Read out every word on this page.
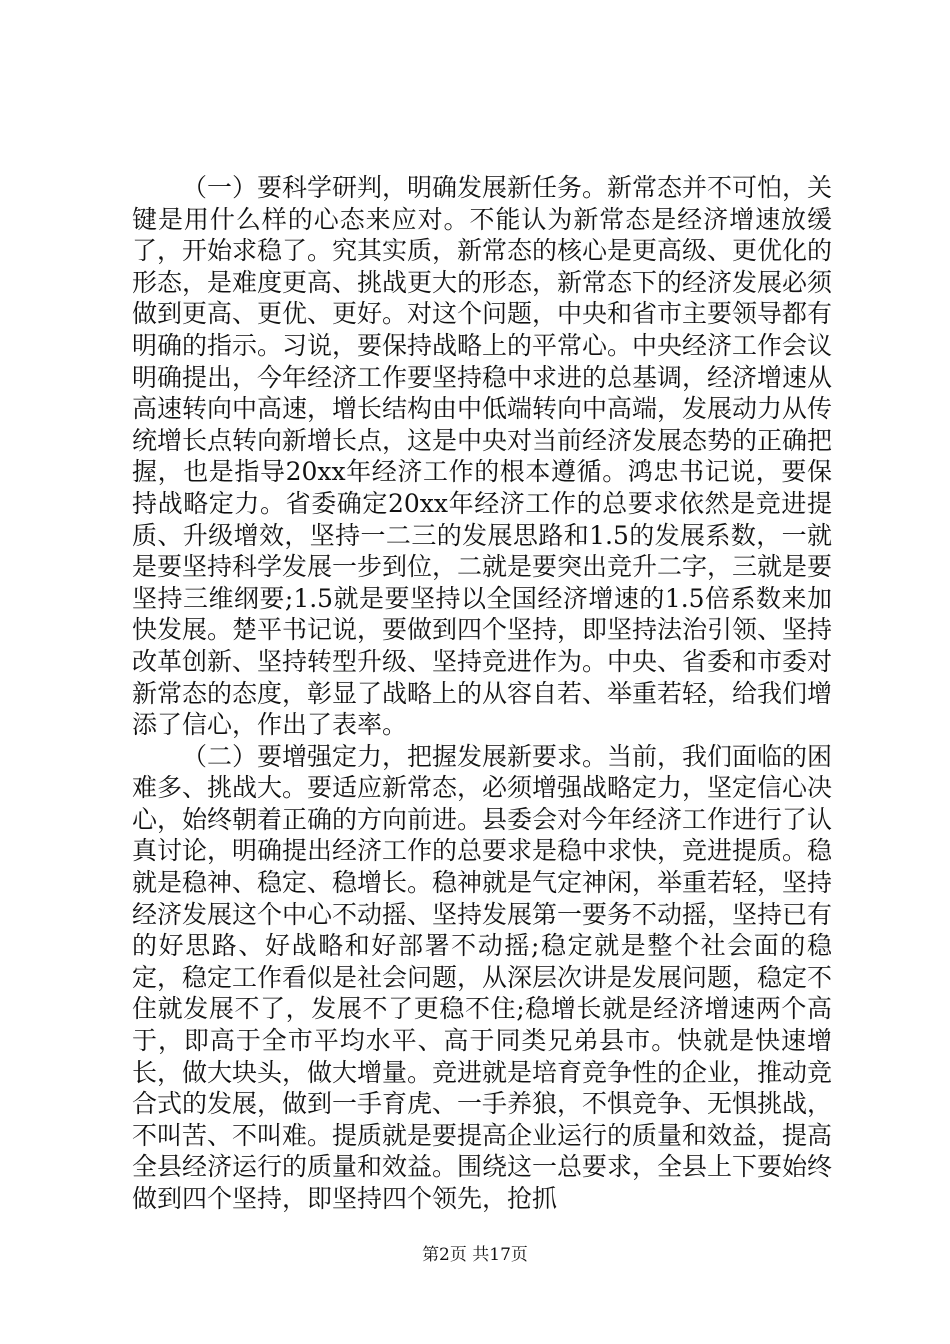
（一）要科学研判，明确发展新任务。新常态并不可怕，关键是用什么样的心态来应对。不能认为新常态是经济增速放缓了，开始求稳了。究其实质，新常态的核心是更高级、更优化的形态，是难度更高、挑战更大的形态，新常态下的经济发展必须做到更高、更优、更好。对这个问题，中央和省市主要领导都有明确的指示。习说，要保持战略上的平常心。中央经济工作会议明确提出，今年经济工作要坚持稳中求进的总基调，经济增速从高速转向中高速，增长结构由中低端转向中高端，发展动力从传统增长点转向新增长点，这是中央对当前经济发展态势的正确把握，也是指导20xx年经济工作的根本遵循。鸿忠书记说，要保持战略定力。省委确定20xx年经济工作的总要求依然是竞进提质、升级增效，坚持一二三的发展思路和1.5的发展系数，一就是要坚持科学发展一步到位，二就是要突出竞升二字，三就是要坚持三维纲要;1.5就是要坚持以全国经济增速的1.5倍系数来加快发展。楚平书记说，要做到四个坚持，即坚持法治引领、坚持改革创新、坚持转型升级、坚持竞进作为。中央、省委和市委对新常态的态度，彰显了战略上的从容自若、举重若轻，给我们增添了信心，作出了表率。

（二）要增强定力，把握发展新要求。当前，我们面临的困难多、挑战大。要适应新常态，必须增强战略定力，坚定信心决心，始终朝着正确的方向前进。县委会对今年经济工作进行了认真讨论，明确提出经济工作的总要求是稳中求快，竞进提质。稳就是稳神、稳定、稳增长。稳神就是气定神闲，举重若轻，坚持经济发展这个中心不动摇、坚持发展第一要务不动摇，坚持已有的好思路、好战略和好部署不动摇;稳定就是整个社会面的稳定，稳定工作看似是社会问题，从深层次讲是发展问题，稳定不住就发展不了，发展不了更稳不住;稳增长就是经济增速两个高于，即高于全市平均水平、高于同类兄弟县市。快就是快速增长，做大块头，做大增量。竞进就是培育竞争性的企业，推动竞合式的发展，做到一手育虎、一手养狼，不惧竞争、无惧挑战，不叫苦、不叫难。提质就是要提高企业运行的质量和效益，提高全县经济运行的质量和效益。围绕这一总要求，全县上下要始终做到四个坚持，即坚持四个领先，抢抓

第2页 共17页
